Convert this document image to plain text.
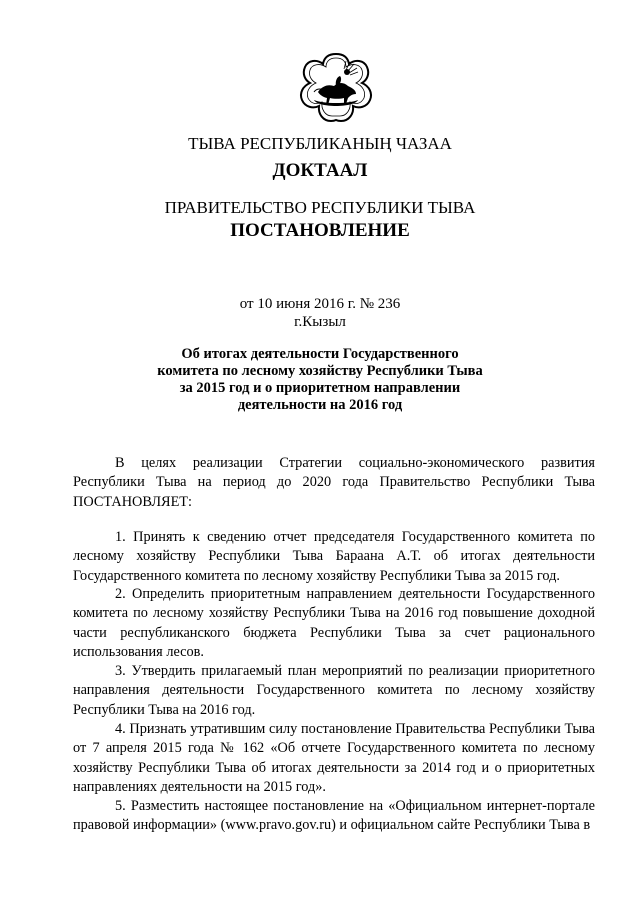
ТЫВА РЕСПУБЛИКАНЫҢ ЧАЗАА
ДОКТААЛ
ПРАВИТЕЛЬСТВО РЕСПУБЛИКИ ТЫВА
ПОСТАНОВЛЕНИЕ
от 10 июня 2016 г. № 236
г.Кызыл
Об итогах деятельности Государственного
комитета по лесному хозяйству Республики Тыва
за 2015 год и о приоритетном направлении
деятельности на 2016 год

В целях реализации Стратегии социально-экономического развития Республики Тыва на период до 2020 года Правительство Республики Тыва ПОСТАНОВЛЯЕТ:

1. Принять к сведению отчет председателя Государственного комитета по лесному хозяйству Республики Тыва Бараана А.Т. об итогах деятельности Государственного комитета по лесному хозяйству Республики Тыва за 2015 год.

2. Определить приоритетным направлением деятельности Государственного комитета по лесному хозяйству Республики Тыва на 2016 год повышение доходной части республиканского бюджета Республики Тыва за счет рационального использования лесов.

3. Утвердить прилагаемый план мероприятий по реализации приоритетного направления деятельности Государственного комитета по лесному хозяйству Республики Тыва на 2016 год.

4. Признать утратившим силу постановление Правительства Республики Тыва от 7 апреля 2015 года № 162 «Об отчете Государственного комитета по лесному хозяйству Республики Тыва об итогах деятельности за 2014 год и о приоритетных направлениях деятельности на 2015 год».

5. Разместить настоящее постановление на «Официальном интернет-портале правовой информации» (www.pravo.gov.ru) и официальном сайте Республики Тыва в
